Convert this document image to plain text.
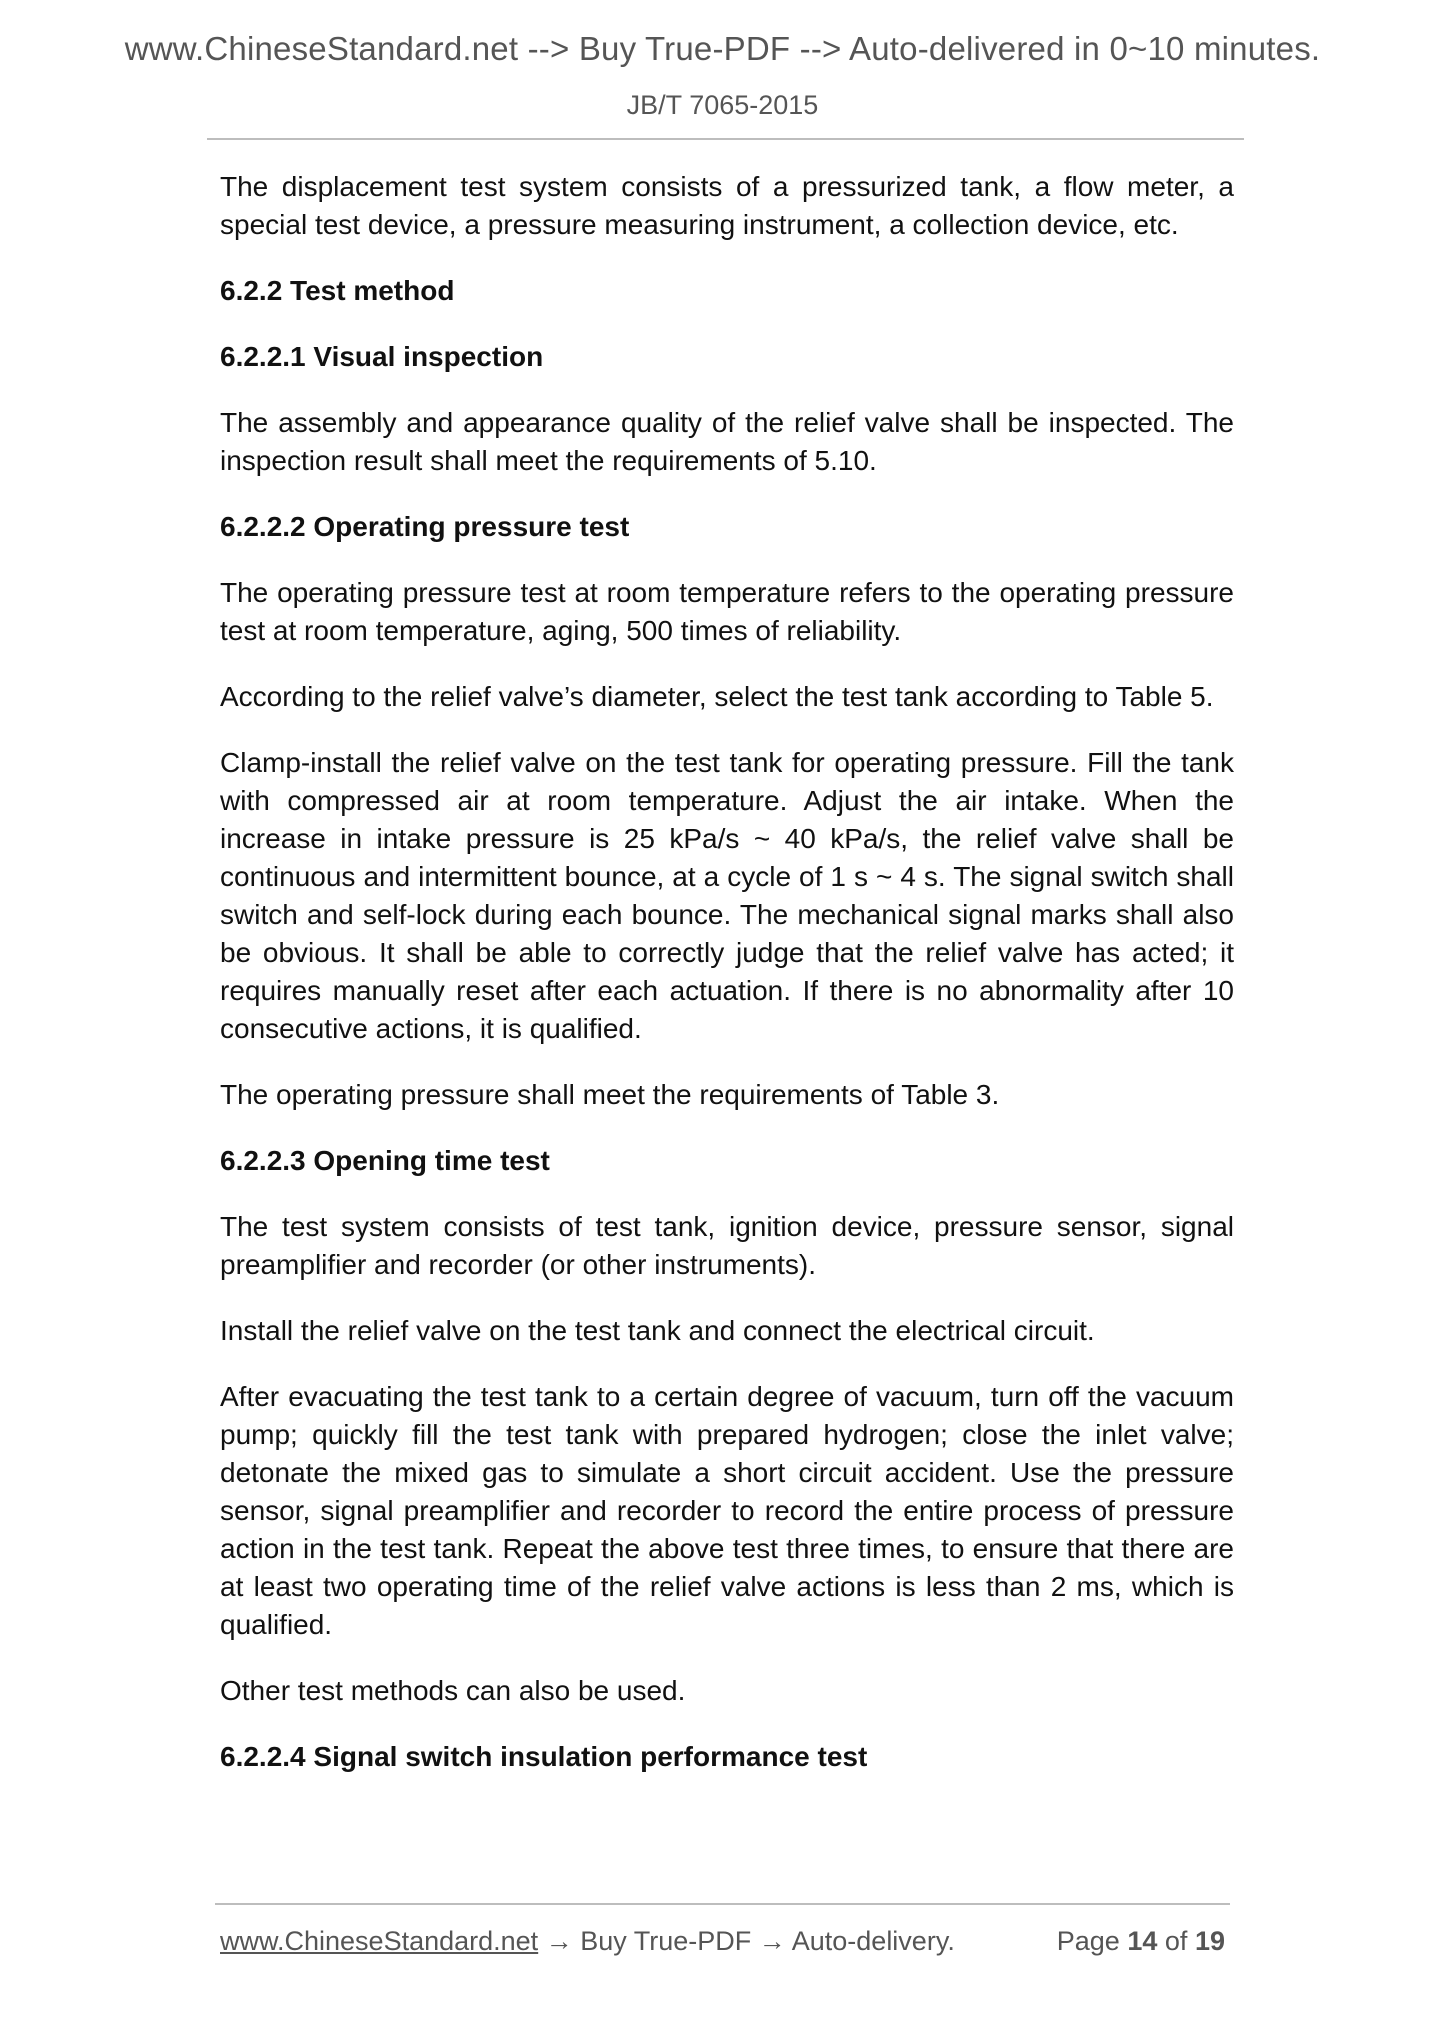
www.ChineseStandard.net --> Buy True-PDF --> Auto-delivered in 0~10 minutes.
JB/T 7065-2015

The displacement test system consists of a pressurized tank, a flow meter, a special test device, a pressure measuring instrument, a collection device, etc.

6.2.2 Test method
6.2.2.1 Visual inspection

The assembly and appearance quality of the relief valve shall be inspected. The inspection result shall meet the requirements of 5.10.

6.2.2.2 Operating pressure test

The operating pressure test at room temperature refers to the operating pressure test at room temperature, aging, 500 times of reliability.

According to the relief valve’s diameter, select the test tank according to Table 5.

Clamp-install the relief valve on the test tank for operating pressure. Fill the tank with compressed air at room temperature. Adjust the air intake. When the increase in intake pressure is 25 kPa/s ~ 40 kPa/s, the relief valve shall be continuous and intermittent bounce, at a cycle of 1 s ~ 4 s. The signal switch shall switch and self-lock during each bounce. The mechanical signal marks shall also be obvious. It shall be able to correctly judge that the relief valve has acted; it requires manually reset after each actuation. If there is no abnormality after 10 consecutive actions, it is qualified.

The operating pressure shall meet the requirements of Table 3.

6.2.2.3 Opening time test

The test system consists of test tank, ignition device, pressure sensor, signal preamplifier and recorder (or other instruments).

Install the relief valve on the test tank and connect the electrical circuit.

After evacuating the test tank to a certain degree of vacuum, turn off the vacuum pump; quickly fill the test tank with prepared hydrogen; close the inlet valve; detonate the mixed gas to simulate a short circuit accident. Use the pressure sensor, signal preamplifier and recorder to record the entire process of pressure action in the test tank. Repeat the above test three times, to ensure that there are at least two operating time of the relief valve actions is less than 2 ms, which is qualified.

Other test methods can also be used.

6.2.2.4 Signal switch insulation performance test
www.ChineseStandard.net → Buy True-PDF → Auto-delivery.	Page 14 of 19
